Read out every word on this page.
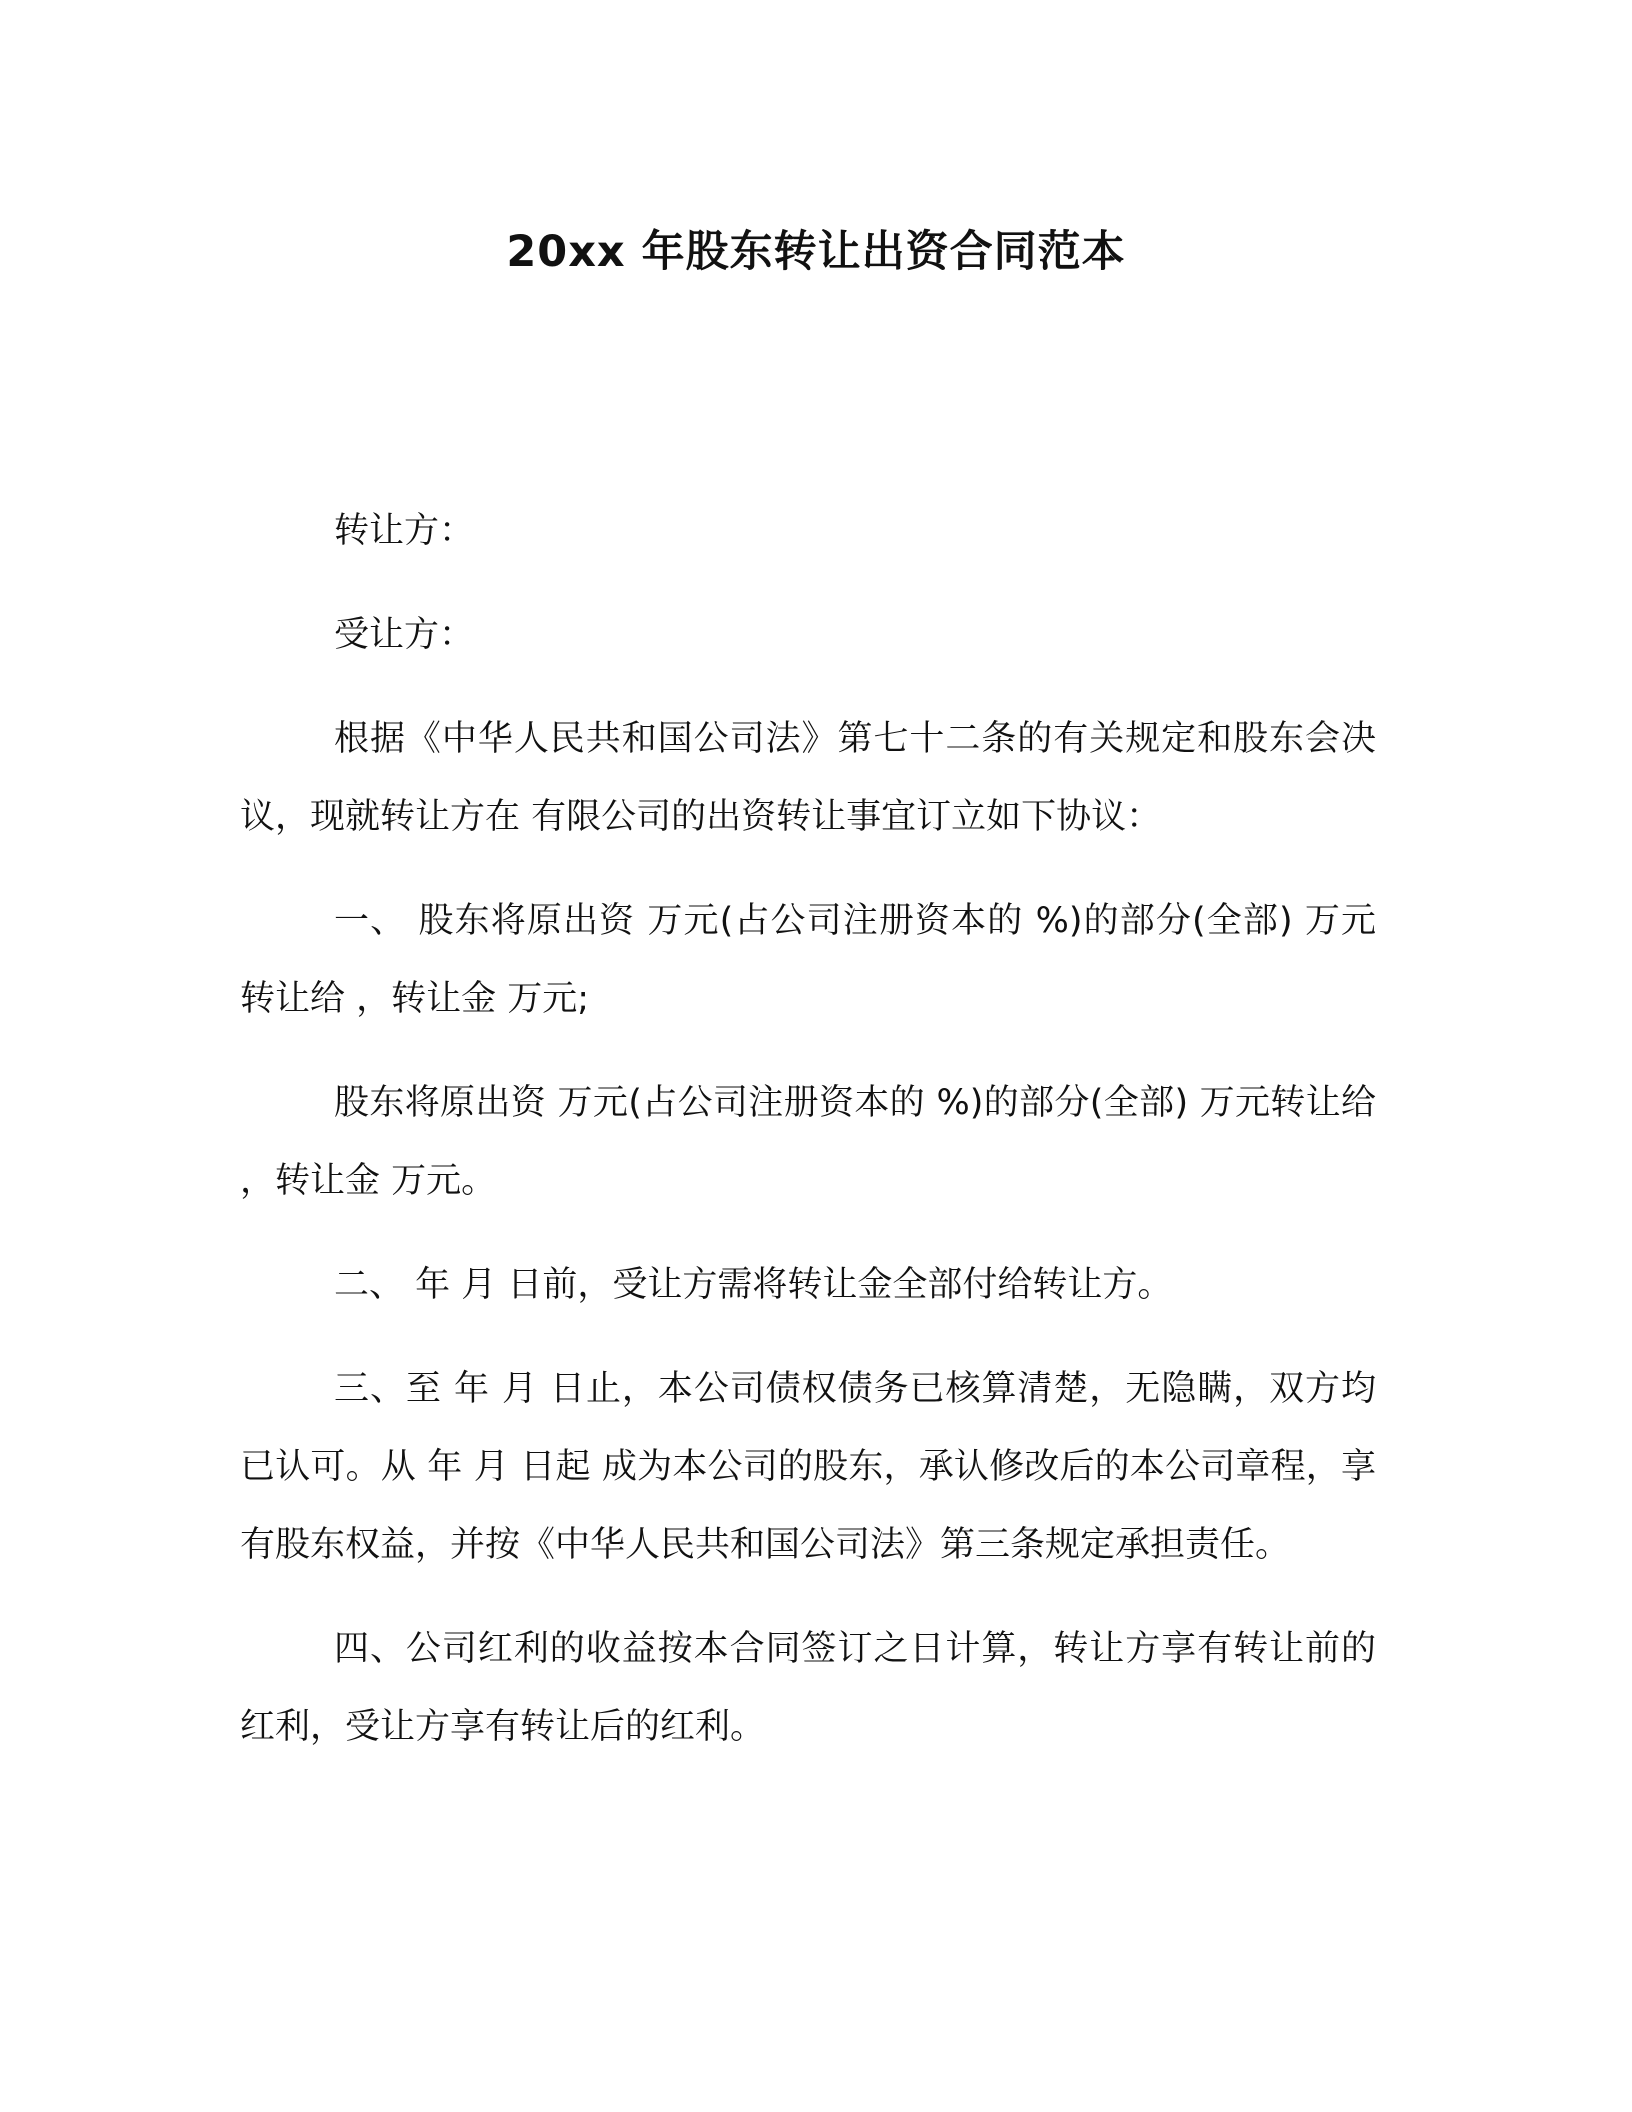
20xx 年股东转让出资合同范本

转让方：

受让方：

根据《中华人民共和国公司法》第七十二条的有关规定和股东会决议，现就转让方在 有限公司的出资转让事宜订立如下协议：

一、 股东将原出资 万元(占公司注册资本的 %)的部分(全部) 万元转让给 ，转让金 万元;

股东将原出资 万元(占公司注册资本的 %)的部分(全部) 万元转让给 ，转让金 万元。

二、 年 月 日前，受让方需将转让金全部付给转让方。

三、至 年 月 日止，本公司债权债务已核算清楚，无隐瞒，双方均已认可。从 年 月 日起 成为本公司的股东，承认修改后的本公司章程，享有股东权益，并按《中华人民共和国公司法》第三条规定承担责任。

四、公司红利的收益按本合同签订之日计算，转让方享有转让前的红利，受让方享有转让后的红利。
